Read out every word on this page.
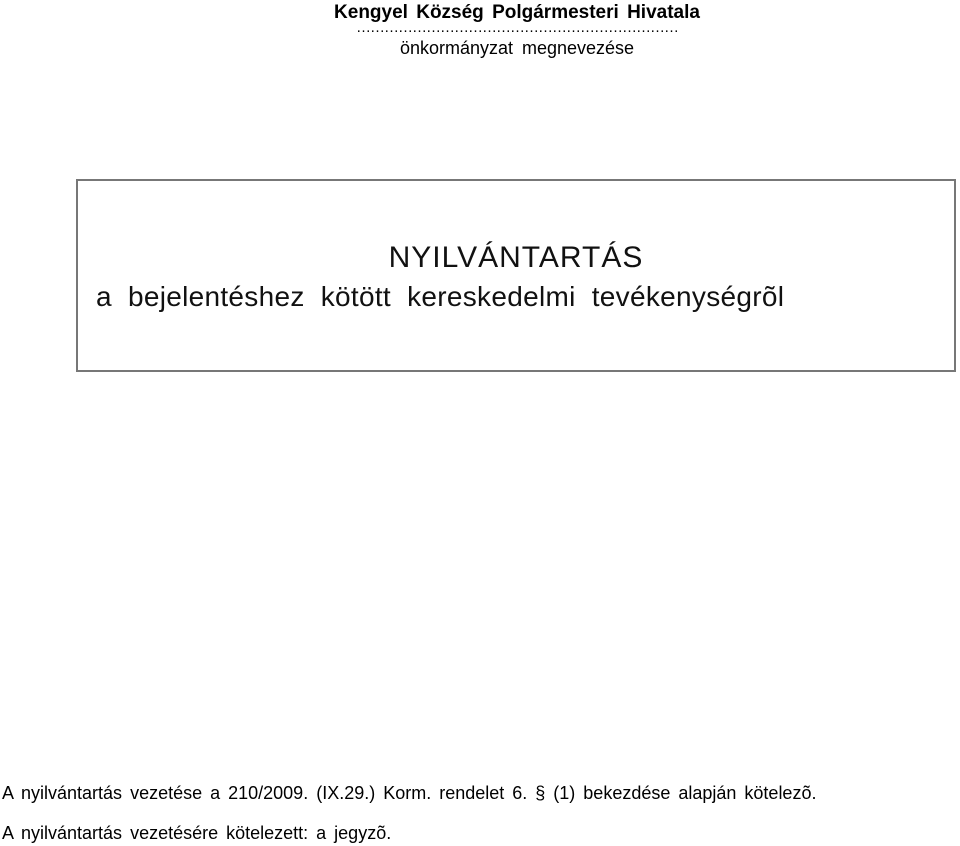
Kengyel Község Polgármesteri Hivatala
……………………………………………………………
önkormányzat megnevezése
NYILVÁNTARTÁS
a bejelentéshez kötött kereskedelmi tevékenységrõl
A nyilvántartás vezetése a 210/2009. (IX.29.) Korm. rendelet 6. § (1) bekezdése alapján kötelezõ.
A nyilvántartás vezetésére kötelezett: a jegyzõ.
